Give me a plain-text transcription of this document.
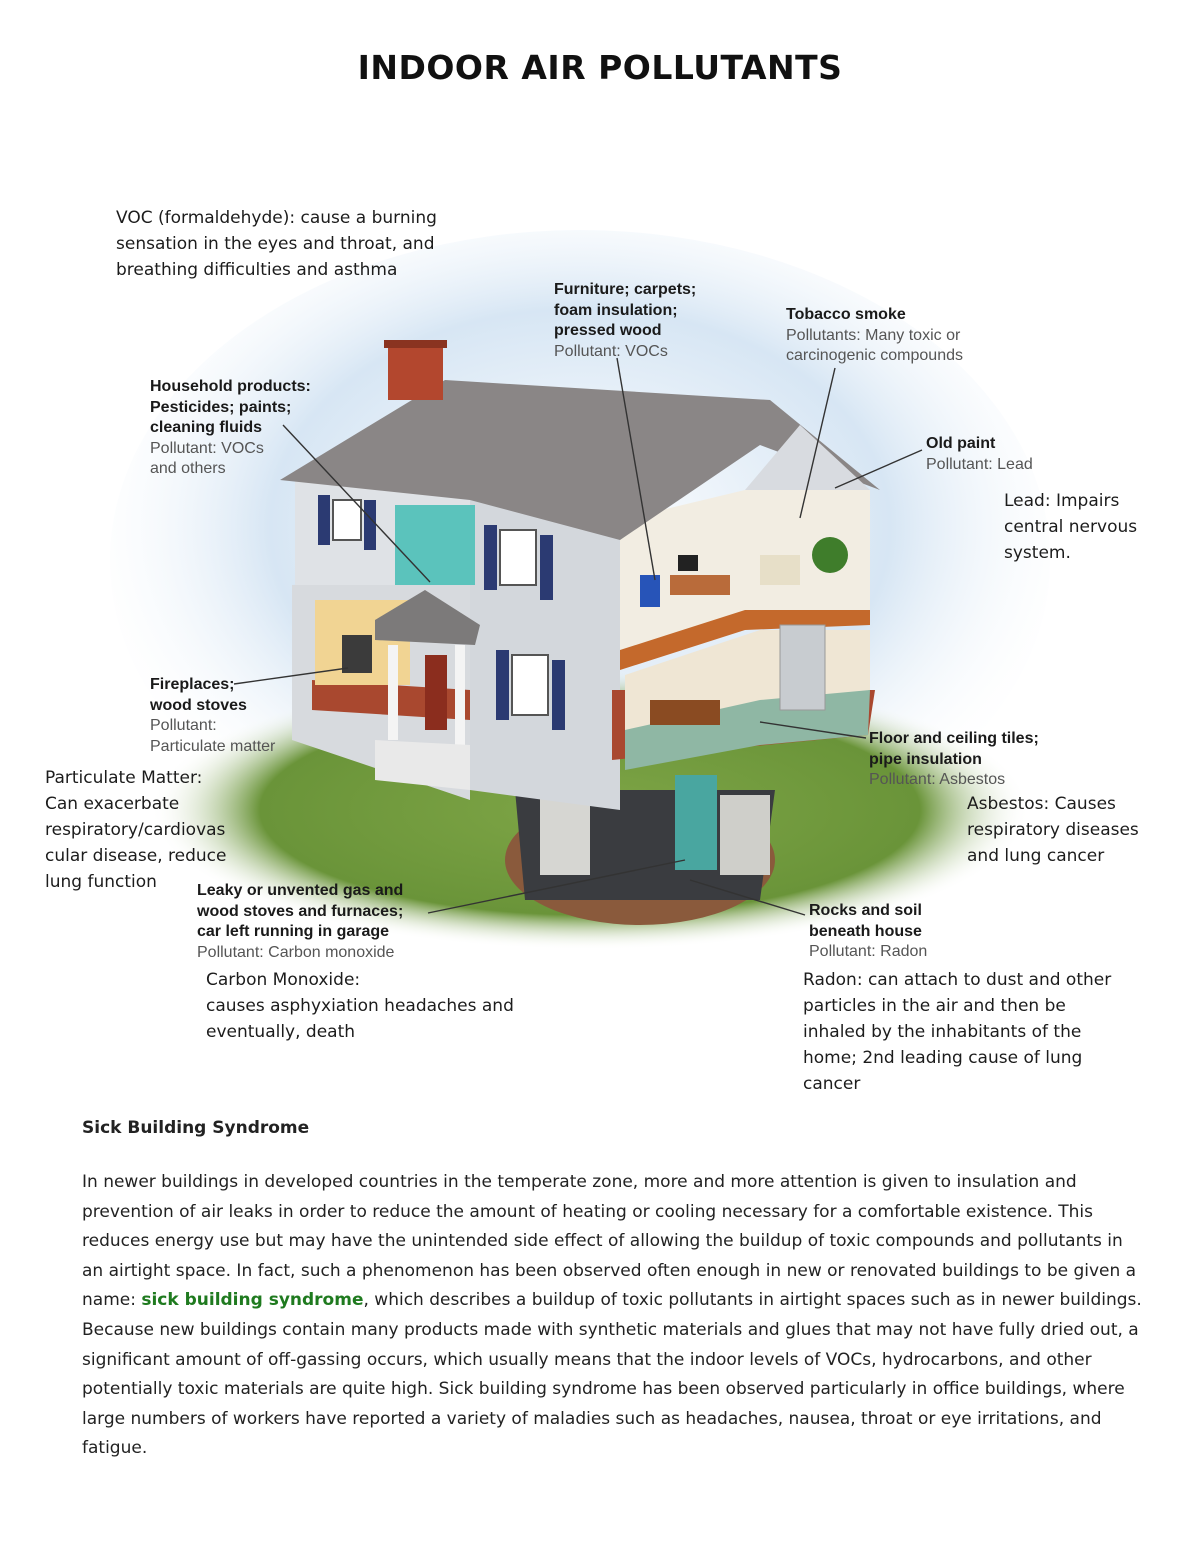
INDOOR AIR POLLUTANTS
Furniture; carpets;
foam insulation;
pressed wood
Pollutant: VOCs
Tobacco smoke
Pollutants: Many toxic or
carcinogenic compounds
Household products:
Pesticides; paints;
cleaning fluids
Pollutant: VOCs
and others
Old paint
Pollutant: Lead
Fireplaces;
wood stoves
Pollutant:
Particulate matter	Floor and ceiling tiles;
pipe insulation
Pollutant: Asbestos
Leaky or unvented gas and
wood stoves and furnaces;
car left running in garage
Pollutant: Carbon monoxide
Rocks and soil
beneath house
Pollutant: Radon
VOC (formaldehyde): cause a burning
sensation in the eyes and throat, and
breathing difficulties and asthma
Lead: Impairs
central nervous
system.
Particulate Matter:
Can exacerbate
respiratory/cardiovas
cular disease, reduce
lung function
Asbestos: Causes
respiratory diseases
and lung cancer
Carbon Monoxide:
causes asphyxiation headaches and
eventually, death
Radon: can attach to dust and other
particles in the air and then be
inhaled by the inhabitants of the
home; 2nd leading cause of lung
cancer
Sick Building Syndrome
In newer buildings in developed countries in the temperate zone, more and more attention is given to insulation and prevention of air leaks in order to reduce the amount of heating or cooling necessary for a comfortable existence. This reduces energy use but may have the unintended side effect of allowing the buildup of toxic compounds and pollutants in an airtight space. In fact, such a phenomenon has been observed often enough in new or renovated buildings to be given a name: sick building syndrome, which describes a buildup of toxic pollutants in airtight spaces such as in newer buildings. Because new buildings contain many products made with synthetic materials and glues that may not have fully dried out, a significant amount of off-gassing occurs, which usually means that the indoor levels of VOCs, hydrocarbons, and other potentially toxic materials are quite high. Sick building syndrome has been observed particularly in office buildings, where large numbers of workers have reported a variety of maladies such as headaches, nausea, throat or eye irritations, and fatigue.
